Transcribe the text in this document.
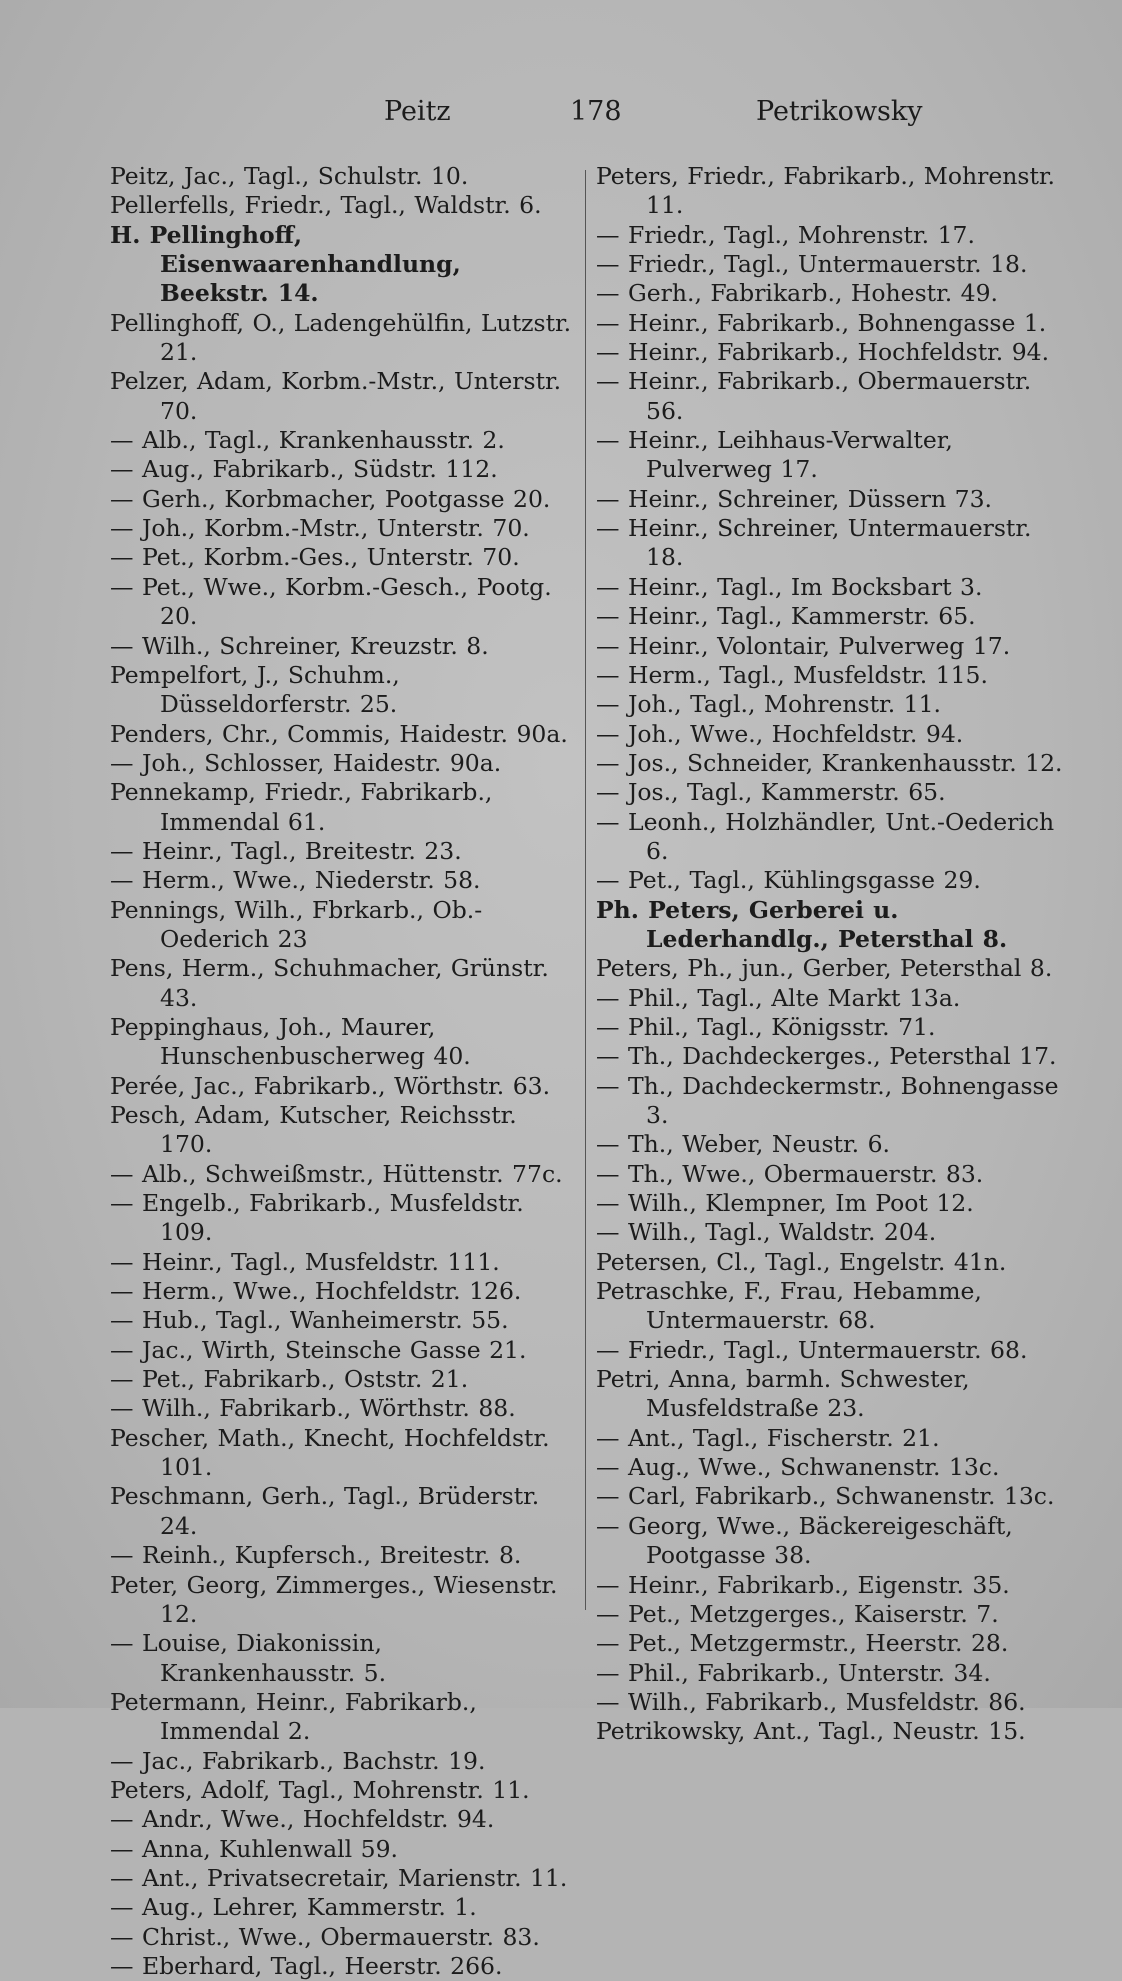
Peitz	178	Petrikowsky
Peitz, Jac., Tagl., Schulstr. 10.
Pellerfells, Friedr., Tagl., Waldstr. 6.
H. Pellinghoff, Eisenwaarenhandlung, Beekstr. 14.
Pellinghoff, O., Ladengehülfin, Lutzstr. 21.
Pelzer, Adam, Korbm.-Mstr., Unterstr. 70.
— Alb., Tagl., Krankenhausstr. 2.
— Aug., Fabrikarb., Südstr. 112.
— Gerh., Korbmacher, Pootgasse 20.
— Joh., Korbm.-Mstr., Unterstr. 70.
— Pet., Korbm.-Ges., Unterstr. 70.
— Pet., Wwe., Korbm.-Gesch., Pootg. 20.
— Wilh., Schreiner, Kreuzstr. 8.
Pempelfort, J., Schuhm., Düsseldorferstr. 25.
Penders, Chr., Commis, Haidestr. 90a.
— Joh., Schlosser, Haidestr. 90a.
Pennekamp, Friedr., Fabrikarb., Immendal 61.
— Heinr., Tagl., Breitestr. 23.
— Herm., Wwe., Niederstr. 58.
Pennings, Wilh., Fbrkarb., Ob.-Oederich 23
Pens, Herm., Schuhmacher, Grünstr. 43.
Peppinghaus, Joh., Maurer, Hunschenbuscherweg 40.
Perée, Jac., Fabrikarb., Wörthstr. 63.
Pesch, Adam, Kutscher, Reichsstr. 170.
— Alb., Schweißmstr., Hüttenstr. 77c.
— Engelb., Fabrikarb., Musfeldstr. 109.
— Heinr., Tagl., Musfeldstr. 111.
— Herm., Wwe., Hochfeldstr. 126.
— Hub., Tagl., Wanheimerstr. 55.
— Jac., Wirth, Steinsche Gasse 21.
— Pet., Fabrikarb., Oststr. 21.
— Wilh., Fabrikarb., Wörthstr. 88.
Pescher, Math., Knecht, Hochfeldstr. 101.
Peschmann, Gerh., Tagl., Brüderstr. 24.
— Reinh., Kupfersch., Breitestr. 8.
Peter, Georg, Zimmerges., Wiesenstr. 12.
— Louise, Diakonissin, Krankenhausstr. 5.
Petermann, Heinr., Fabrikarb., Immendal 2.
— Jac., Fabrikarb., Bachstr. 19.
Peters, Adolf, Tagl., Mohrenstr. 11.
— Andr., Wwe., Hochfeldstr. 94.
— Anna, Kuhlenwall 59.
— Ant., Privatsecretair, Marienstr. 11.
— Aug., Lehrer, Kammerstr. 1.
— Christ., Wwe., Obermauerstr. 83.
— Eberhard, Tagl., Heerstr. 266.
Peters, Friedr., Fabrikarb., Mohrenstr. 11.
— Friedr., Tagl., Mohrenstr. 17.
— Friedr., Tagl., Untermauerstr. 18.
— Gerh., Fabrikarb., Hohestr. 49.
— Heinr., Fabrikarb., Bohnengasse 1.
— Heinr., Fabrikarb., Hochfeldstr. 94.
— Heinr., Fabrikarb., Obermauerstr. 56.
— Heinr., Leihhaus-Verwalter, Pulverweg 17.
— Heinr., Schreiner, Düssern 73.
— Heinr., Schreiner, Untermauerstr. 18.
— Heinr., Tagl., Im Bocksbart 3.
— Heinr., Tagl., Kammerstr. 65.
— Heinr., Volontair, Pulverweg 17.
— Herm., Tagl., Musfeldstr. 115.
— Joh., Tagl., Mohrenstr. 11.
— Joh., Wwe., Hochfeldstr. 94.
— Jos., Schneider, Krankenhausstr. 12.
— Jos., Tagl., Kammerstr. 65.
— Leonh., Holzhändler, Unt.-Oederich 6.
— Pet., Tagl., Kühlingsgasse 29.
Ph. Peters, Gerberei u. Lederhandlg., Petersthal 8.
Peters, Ph., jun., Gerber, Petersthal 8.
— Phil., Tagl., Alte Markt 13a.
— Phil., Tagl., Königsstr. 71.
— Th., Dachdeckerges., Petersthal 17.
— Th., Dachdeckermstr., Bohnengasse 3.
— Th., Weber, Neustr. 6.
— Th., Wwe., Obermauerstr. 83.
— Wilh., Klempner, Im Poot 12.
— Wilh., Tagl., Waldstr. 204.
Petersen, Cl., Tagl., Engelstr. 41n.
Petraschke, F., Frau, Hebamme, Untermauerstr. 68.
— Friedr., Tagl., Untermauerstr. 68.
Petri, Anna, barmh. Schwester, Musfeldstraße 23.
— Ant., Tagl., Fischerstr. 21.
— Aug., Wwe., Schwanenstr. 13c.
— Carl, Fabrikarb., Schwanenstr. 13c.
— Georg, Wwe., Bäckereigeschäft, Pootgasse 38.
— Heinr., Fabrikarb., Eigenstr. 35.
— Pet., Metzgerges., Kaiserstr. 7.
— Pet., Metzgermstr., Heerstr. 28.
— Phil., Fabrikarb., Unterstr. 34.
— Wilh., Fabrikarb., Musfeldstr. 86.
Petrikowsky, Ant., Tagl., Neustr. 15.
